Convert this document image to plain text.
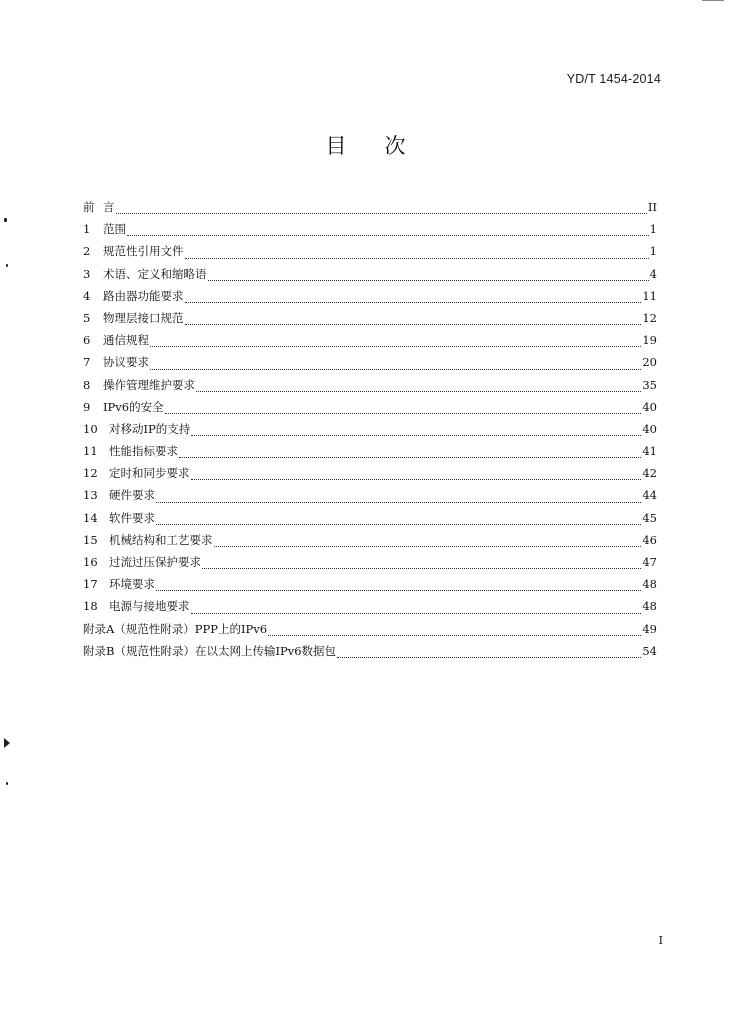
YD/T 1454-2014
目次
前 言	II
1	范围	1
2	规范性引用文件	1
3	术语、定义和缩略语	4
4	路由器功能要求	11
5	物理层接口规范	12
6	通信规程	19
7	协议要求	20
8	操作管理维护要求	35
9	IPv6的安全	40
10 对移动IP的支持	40
11 性能指标要求	41
12 定时和同步要求	42
13 硬件要求	44
14 软件要求	45
15 机械结构和工艺要求	46
16 过流过压保护要求	47
17 环境要求	48
18 电源与接地要求	48
附录A（规范性附录）PPP上的IPv6	49
附录B（规范性附录）在以太网上传输IPv6数据包	54
I
